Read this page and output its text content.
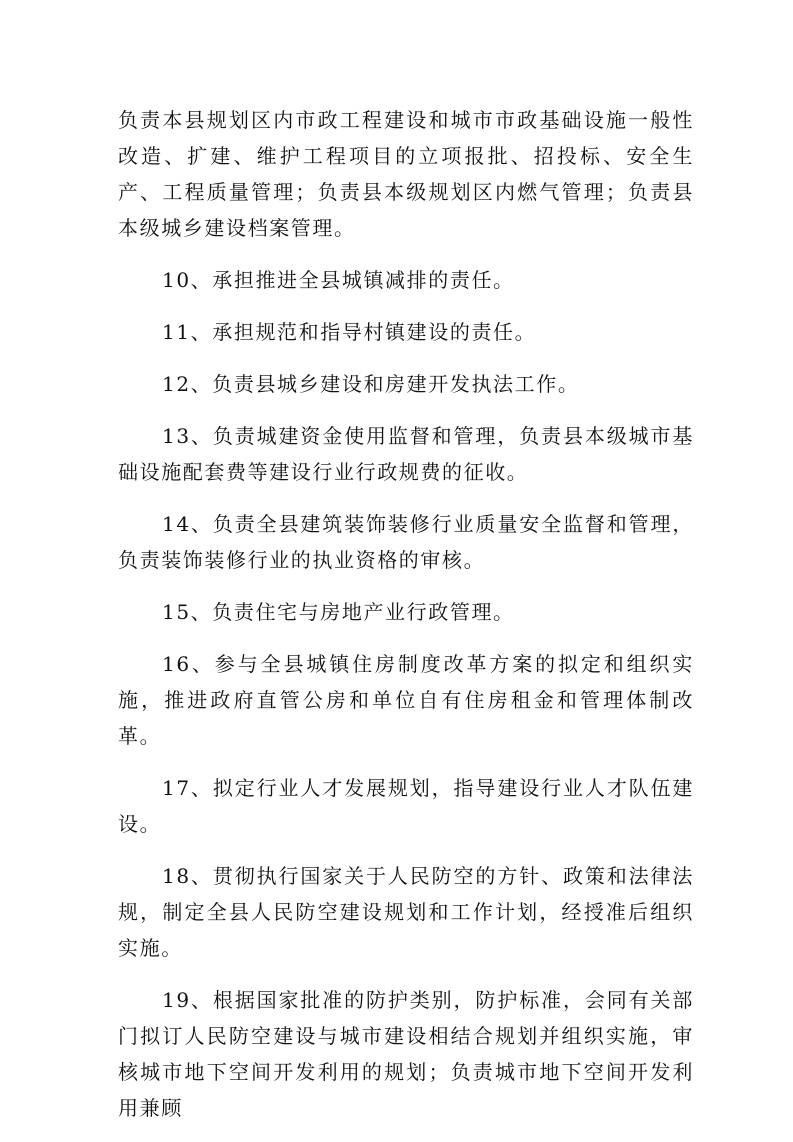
负责本县规划区内市政工程建设和城市市政基础设施一般性改造、扩建、维护工程项目的立项报批、招投标、安全生产、工程质量管理；负责县本级规划区内燃气管理；负责县本级城乡建设档案管理。

10、承担推进全县城镇减排的责任。

11、承担规范和指导村镇建设的责任。

12、负责县城乡建设和房建开发执法工作。

13、负责城建资金使用监督和管理，负责县本级城市基础设施配套费等建设行业行政规费的征收。

14、负责全县建筑装饰装修行业质量安全监督和管理，负责装饰装修行业的执业资格的审核。

15、负责住宅与房地产业行政管理。

16、参与全县城镇住房制度改革方案的拟定和组织实施，推进政府直管公房和单位自有住房租金和管理体制改革。

17、拟定行业人才发展规划，指导建设行业人才队伍建设。

18、贯彻执行国家关于人民防空的方针、政策和法律法规，制定全县人民防空建设规划和工作计划，经授准后组织实施。

19、根据国家批准的防护类别，防护标准，会同有关部门拟订人民防空建设与城市建设相结合规划并组织实施，审核城市地下空间开发利用的规划；负责城市地下空间开发利用兼顾
